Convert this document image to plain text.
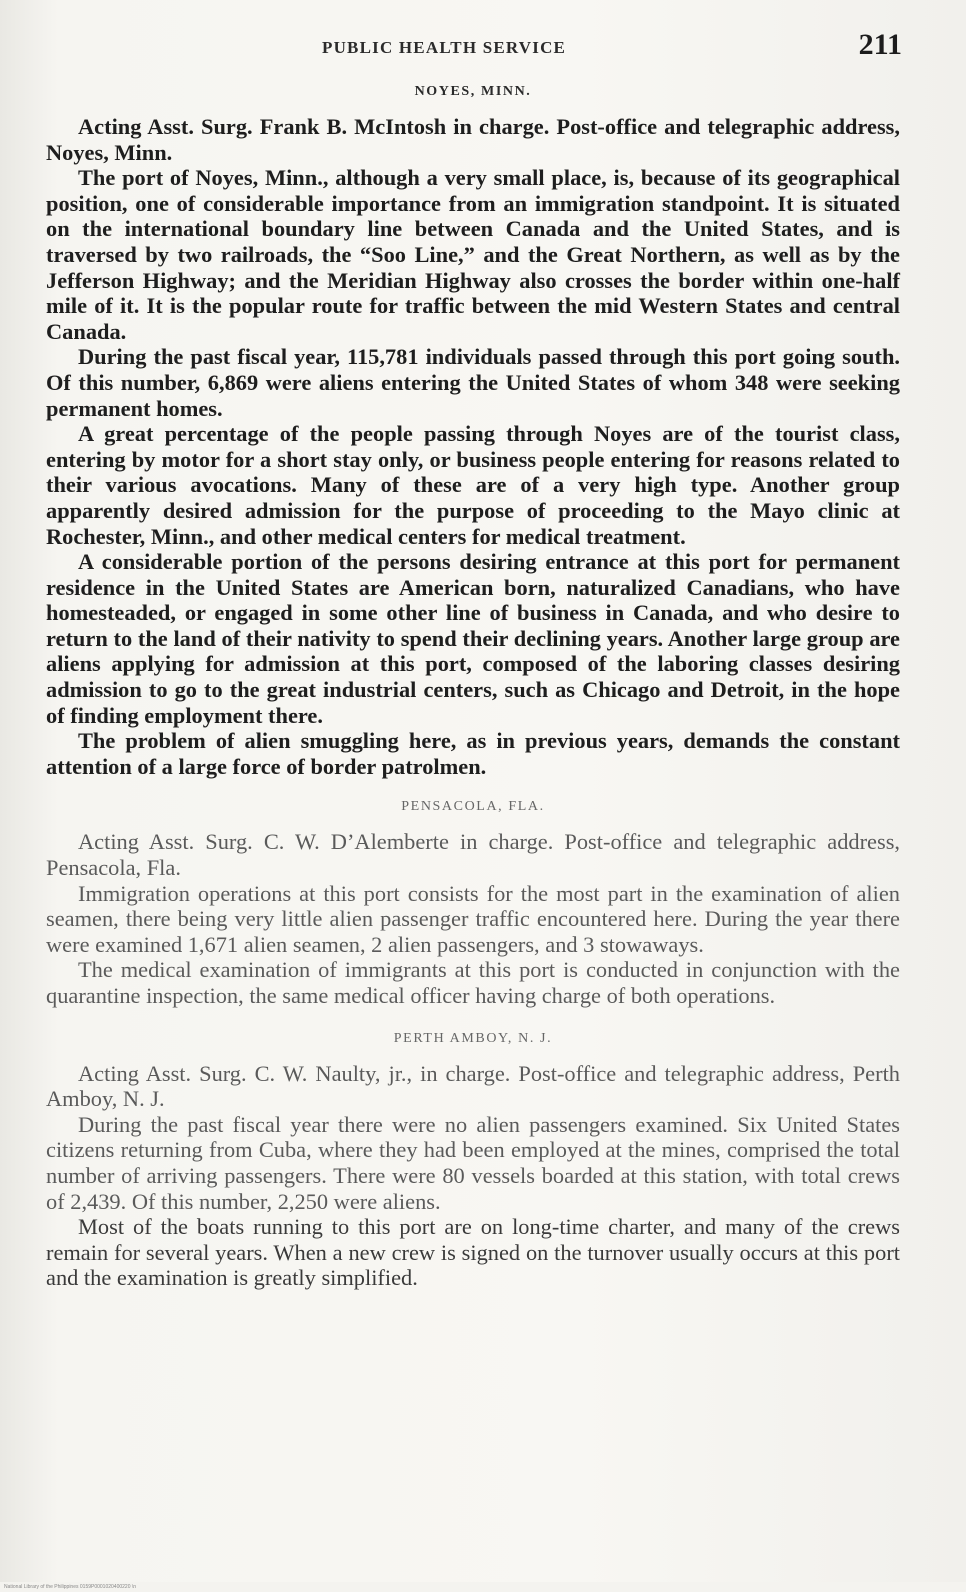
PUBLIC HEALTH SERVICE	211
NOYES, MINN.

Acting Asst. Surg. Frank B. McIntosh in charge. Post-office and telegraphic address, Noyes, Minn.

The port of Noyes, Minn., although a very small place, is, because of its geographical position, one of considerable importance from an immigration standpoint. It is situated on the international boundary line between Canada and the United States, and is traversed by two railroads, the “Soo Line,” and the Great Northern, as well as by the Jefferson Highway; and the Meridian Highway also crosses the border within one-half mile of it. It is the popular route for traffic between the mid Western States and central Canada.

During the past fiscal year, 115,781 individuals passed through this port going south. Of this number, 6,869 were aliens entering the United States of whom 348 were seeking permanent homes.

A great percentage of the people passing through Noyes are of the tourist class, entering by motor for a short stay only, or business people entering for reasons related to their various avocations. Many of these are of a very high type. Another group apparently desired admission for the purpose of proceeding to the Mayo clinic at Rochester, Minn., and other medical centers for medical treatment.

A considerable portion of the persons desiring entrance at this port for permanent residence in the United States are American born, naturalized Canadians, who have homesteaded, or engaged in some other line of business in Canada, and who desire to return to the land of their nativity to spend their declining years. Another large group are aliens applying for admission at this port, composed of the laboring classes desiring admission to go to the great industrial centers, such as Chicago and Detroit, in the hope of finding employment there.

The problem of alien smuggling here, as in previous years, demands the constant attention of a large force of border patrolmen.

PENSACOLA, FLA.

Acting Asst. Surg. C. W. D’Alemberte in charge. Post-office and telegraphic address, Pensacola, Fla.

Immigration operations at this port consists for the most part in the examination of alien seamen, there being very little alien passenger traffic encountered here. During the year there were examined 1,671 alien seamen, 2 alien passengers, and 3 stowaways.

The medical examination of immigrants at this port is conducted in conjunction with the quarantine inspection, the same medical officer having charge of both operations.

PERTH AMBOY, N. J.

Acting Asst. Surg. C. W. Naulty, jr., in charge. Post-office and telegraphic address, Perth Amboy, N. J.

During the past fiscal year there were no alien passengers examined. Six United States citizens returning from Cuba, where they had been employed at the mines, comprised the total number of arriving passengers. There were 80 vessels boarded at this station, with total crews of 2,439. Of this number, 2,250 were aliens.

Most of the boats running to this port are on long-time charter, and many of the crews remain for several years. When a new crew is signed on the turnover usually occurs at this port and the examination is greatly simplified.

National Library of the Philippines 0159P0001020400220 \n
